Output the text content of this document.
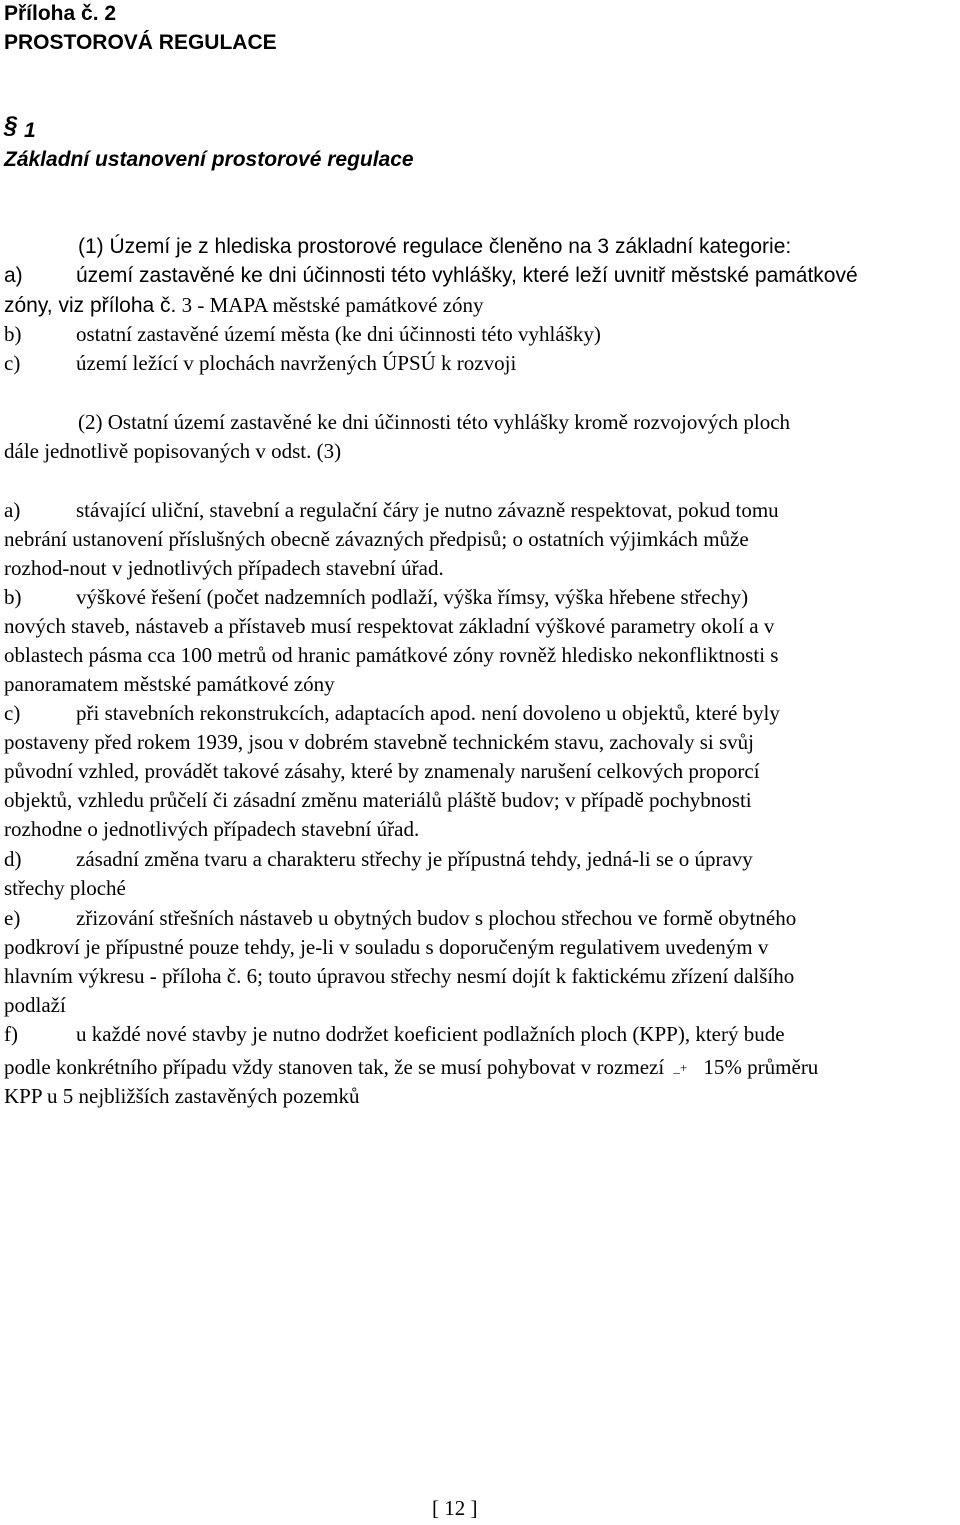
Příloha č. 2
PROSTOROVÁ REGULACE
§ 1
Základní ustanovení prostorové regulace
(1) Území je z hlediska prostorové regulace členěno na 3 základní kategorie:
a)	území zastavěné ke dni účinnosti této vyhlášky, které leží uvnitř městské památkové
zóny, viz příloha č. 3 - MAPA městské památkové zóny
b)	ostatní zastavěné území města (ke dni účinnosti této vyhlášky)
c)	území ležící v plochách navržených ÚPSÚ k rozvoji
(2) Ostatní území zastavěné ke dni účinnosti této vyhlášky kromě rozvojových ploch
dále jednotlivě popisovaných v odst. (3)
a)	stávající uliční, stavební a regulační čáry je nutno závazně respektovat, pokud tomu
nebrání ustanovení příslušných obecně závazných předpisů; o ostatních výjimkách může
rozhod-nout v jednotlivých případech stavební úřad.
b)	výškové řešení (počet nadzemních podlaží, výška římsy, výška hřebene střechy)
nových staveb, nástaveb a přístaveb musí respektovat základní výškové parametry okolí a v
oblastech pásma cca 100 metrů od hranic památkové zóny rovněž hledisko nekonfliktnosti s
panoramatem městské památkové zóny
c)	při stavebních rekonstrukcích, adaptacích apod. není dovoleno u objektů, které byly
postaveny před rokem 1939, jsou v dobrém stavebně technickém stavu, zachovaly si svůj
původní vzhled, provádět takové zásahy, které by znamenaly narušení celkových proporcí
objektů, vzhledu průčelí či zásadní změnu materiálů pláště budov; v případě pochybnosti
rozhodne o jednotlivých případech stavební úřad.
d)	zásadní změna tvaru a charakteru střechy je přípustná tehdy, jedná-li se o úpravy
střechy ploché
e)	zřizování střešních nástaveb u obytných budov s plochou střechou ve formě obytného
podkroví je přípustné pouze tehdy, je-li v souladu s doporučeným regulativem uvedeným v
hlavním výkresu - příloha č. 6; touto úpravou střechy nesmí dojít k faktickému zřízení dalšího
podlaží
f)	u každé nové stavby je nutno dodržet koeficient podlažních ploch (KPP), který bude
podle konkrétního případu vždy stanoven tak, že se musí pohybovat v rozmezí _+ 15% průměru
KPP u 5 nejbližších zastavěných pozemků
[ 12 ]
